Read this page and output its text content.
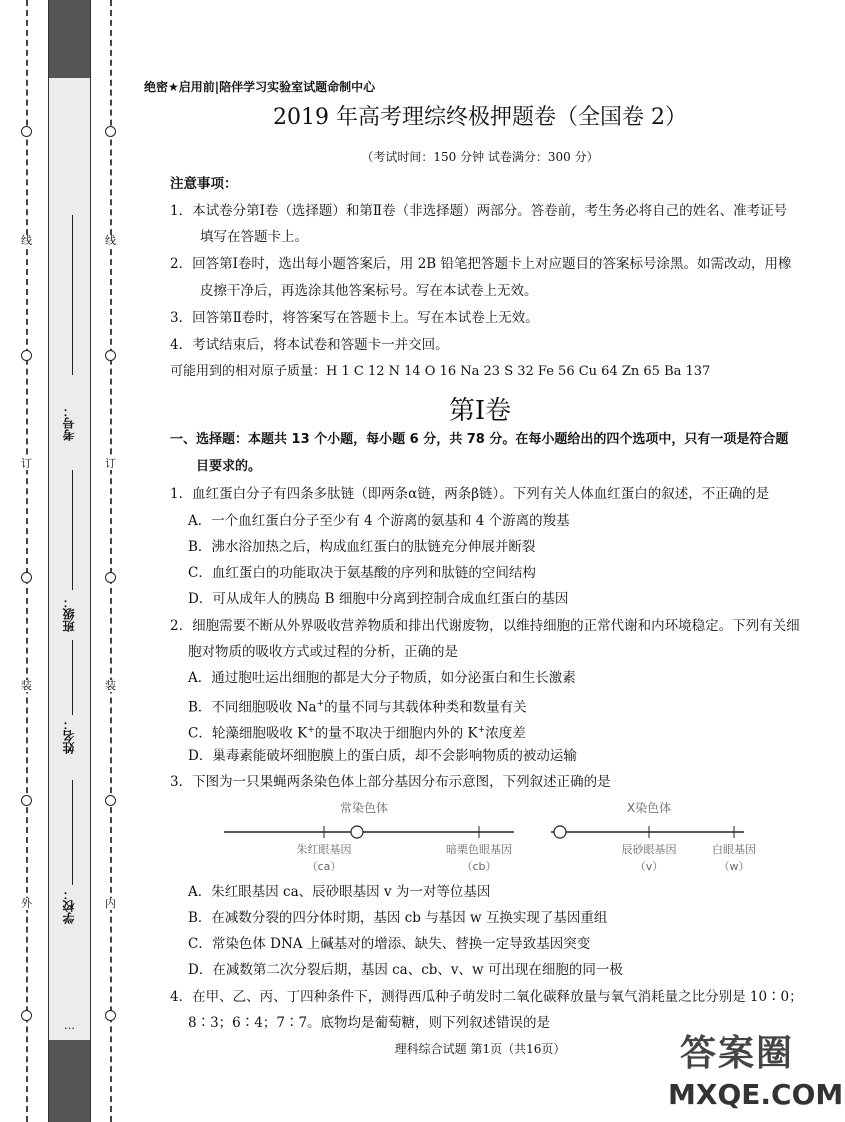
线
订
装
外
线
订
装
内
考号：
班级：
姓名：
学校：
…
绝密★启用前|陪伴学习实验室试题命制中心
2019 年高考理综终极押题卷（全国卷 2）
（考试时间：150 分钟 试卷满分：300 分）
注意事项：
1．本试卷分第Ⅰ卷（选择题）和第Ⅱ卷（非选择题）两部分。答卷前，考生务必将自己的姓名、准考证号
填写在答题卡上。
2．回答第Ⅰ卷时，选出每小题答案后，用 2B 铅笔把答题卡上对应题目的答案标号涂黑。如需改动，用橡
皮擦干净后，再选涂其他答案标号。写在本试卷上无效。
3．回答第Ⅱ卷时，将答案写在答题卡上。写在本试卷上无效。
4．考试结束后，将本试卷和答题卡一并交回。
可能用到的相对原子质量：H 1 C 12 N 14 O 16 Na 23 S 32 Fe 56 Cu 64 Zn 65 Ba 137
第Ⅰ卷
一、选择题：本题共 13 个小题，每小题 6 分，共 78 分。在每小题给出的四个选项中，只有一项是符合题
目要求的。
1．血红蛋白分子有四条多肽链（即两条α链，两条β链）。下列有关人体血红蛋白的叙述，不正确的是
A．一个血红蛋白分子至少有 4 个游离的氨基和 4 个游离的羧基
B．沸水浴加热之后，构成血红蛋白的肽链充分伸展并断裂
C．血红蛋白的功能取决于氨基酸的序列和肽链的空间结构
D．可从成年人的胰岛 B 细胞中分离到控制合成血红蛋白的基因
2．细胞需要不断从外界吸收营养物质和排出代谢废物，以维持细胞的正常代谢和内环境稳定。下列有关细
胞对物质的吸收方式或过程的分析，正确的是
A．通过胞吐运出细胞的都是大分子物质，如分泌蛋白和生长激素
B．不同细胞吸收 Na+的量不同与其载体种类和数量有关
C．轮藻细胞吸收 K+的量不取决于细胞内外的 K+浓度差
D．巢毒素能破坏细胞膜上的蛋白质，却不会影响物质的被动运输
3．下图为一只果蝇两条染色体上部分基因分布示意图，下列叙述正确的是
常染色体
朱红眼基因
（ca）
暗栗色眼基因
（cb）
X染色体
辰砂眼基因
（v）
白眼基因
（w）
A．朱红眼基因 ca、辰砂眼基因 v 为一对等位基因
B．在减数分裂的四分体时期，基因 cb 与基因 w 互换实现了基因重组
C．常染色体 DNA 上碱基对的增添、缺失、替换一定导致基因突变
D．在减数第二次分裂后期，基因 ca、cb、v、w 可出现在细胞的同一极
4．在甲、乙、丙、丁四种条件下，测得西瓜种子萌发时二氧化碳释放量与氧气消耗量之比分别是 10∶0；
8∶3；6∶4；7∶7。底物均是葡萄糖，则下列叙述错误的是
理科综合试题 第1页（共16页）	答案圈
MXQE.COM
